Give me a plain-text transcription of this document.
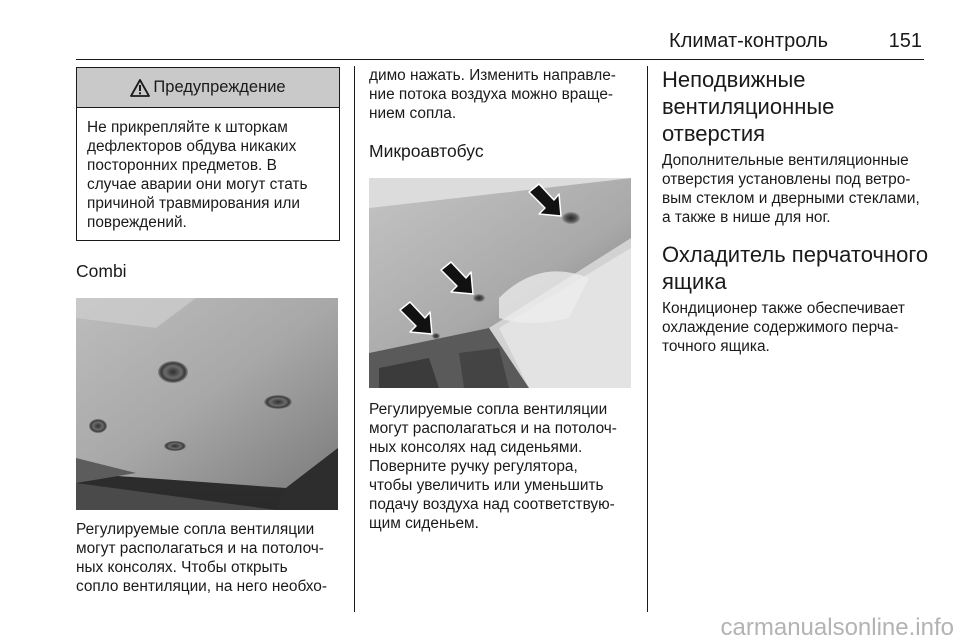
Климат-контроль	151
Предупреждение
Не прикрепляйте к шторкам
дефлекторов обдува никаких
посторонних предметов. В
случае аварии они могут стать
причиной травмирования или
повреждений.
Combi

Регулируемые сопла вентиляции
могут располагаться и на потолоч-
ных консолях. Чтобы открыть
сопло вентиляции, на него необхо-

димо нажать. Изменить направле-
ние потока воздуха можно враще-
нием сопла.

Микроавтобус

Регулируемые сопла вентиляции
могут располагаться и на потолоч-
ных консолях над сиденьями.
Поверните ручку регулятора,
чтобы увеличить или уменьшить
подачу воздуха над соответствую-
щим сиденьем.

Неподвижные
вентиляционные
отверстия

Дополнительные вентиляционные
отверстия установлены под ветро-
вым стеклом и дверными стеклами,
а также в нише для ног.

Охладитель перчаточного
ящика

Кондиционер также обеспечивает
охлаждение содержимого перча-
точного ящика.

carmanualsonline.info
